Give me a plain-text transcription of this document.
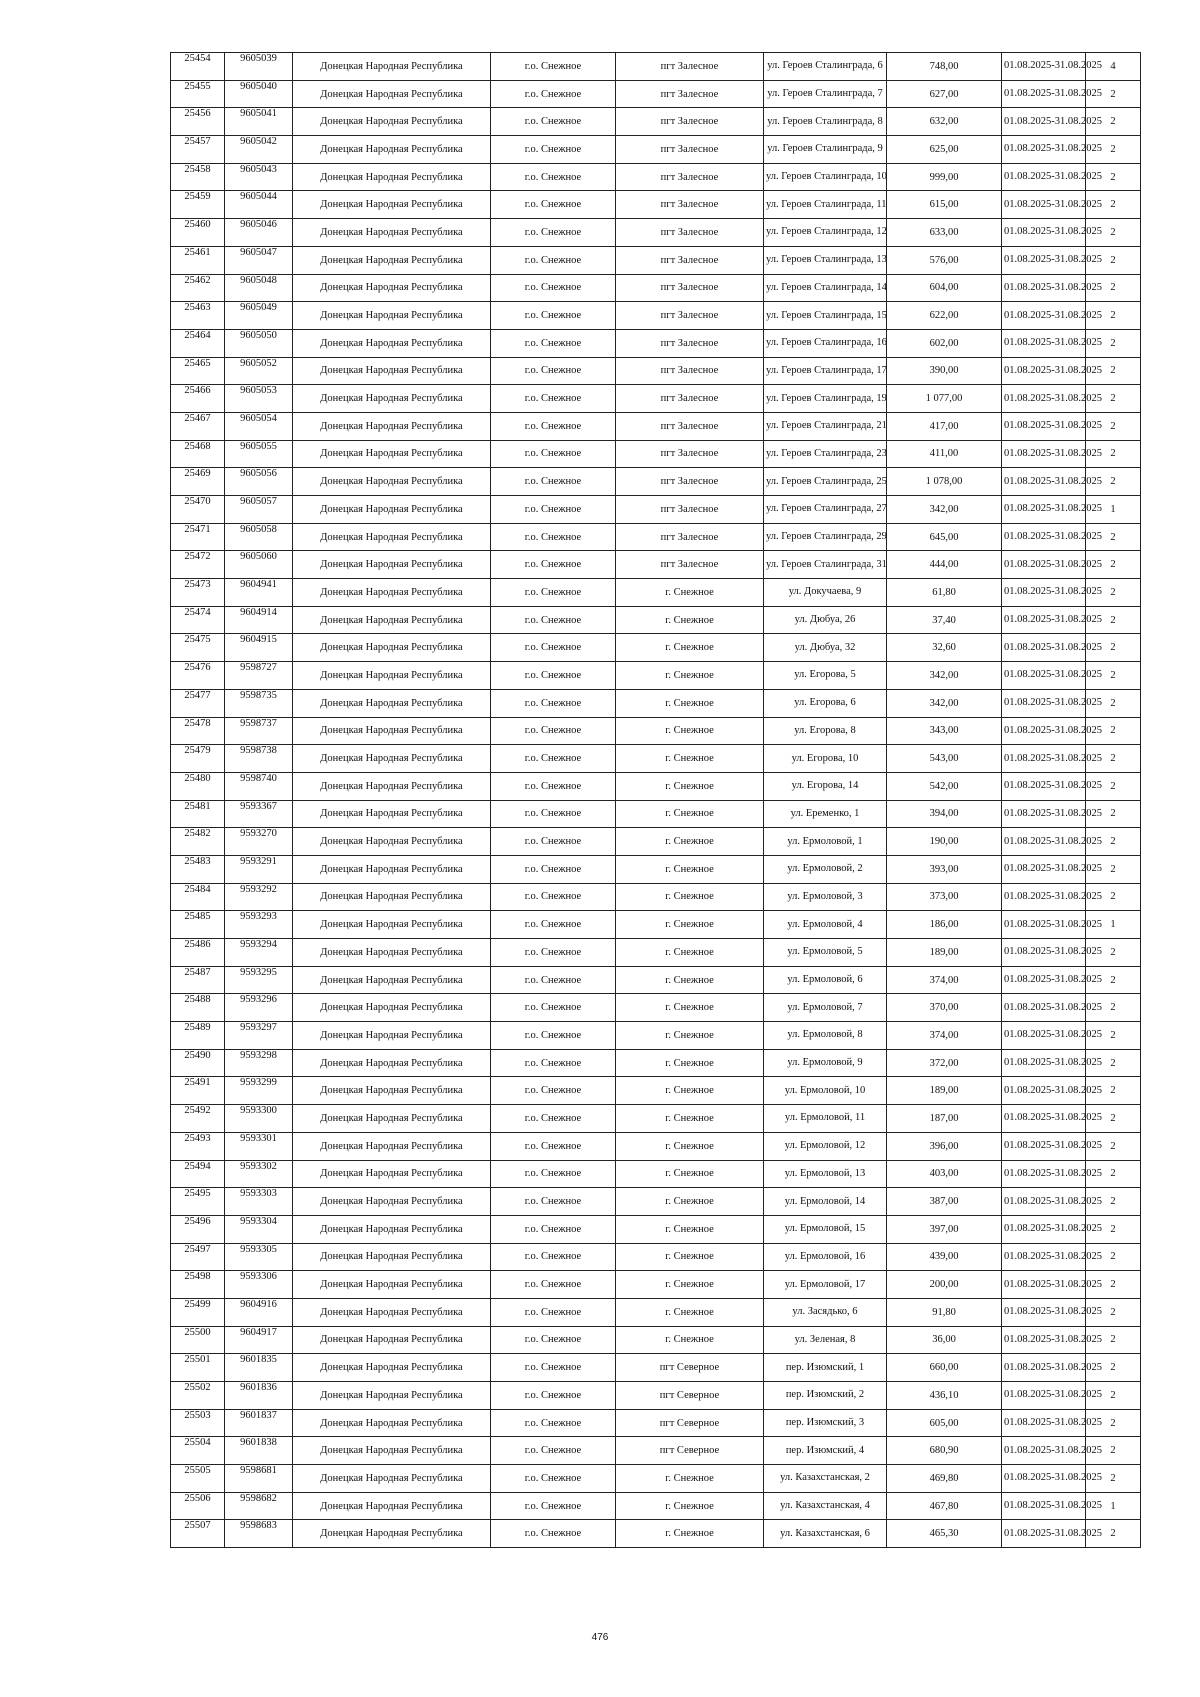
25454	9605039	Донецкая Народная Республика	г.о. Снежное	пгт Залесное	ул. Героев Сталинграда, 6	748,00	01.08.2025-31.08.2025	4
25455	9605040	Донецкая Народная Республика	г.о. Снежное	пгт Залесное	ул. Героев Сталинграда, 7	627,00	01.08.2025-31.08.2025	2
25456	9605041	Донецкая Народная Республика	г.о. Снежное	пгт Залесное	ул. Героев Сталинграда, 8	632,00	01.08.2025-31.08.2025	2
25457	9605042	Донецкая Народная Республика	г.о. Снежное	пгт Залесное	ул. Героев Сталинграда, 9	625,00	01.08.2025-31.08.2025	2
25458	9605043	Донецкая Народная Республика	г.о. Снежное	пгт Залесное	ул. Героев Сталинграда, 10	999,00	01.08.2025-31.08.2025	2
25459	9605044	Донецкая Народная Республика	г.о. Снежное	пгт Залесное	ул. Героев Сталинграда, 11	615,00	01.08.2025-31.08.2025	2
25460	9605046	Донецкая Народная Республика	г.о. Снежное	пгт Залесное	ул. Героев Сталинграда, 12	633,00	01.08.2025-31.08.2025	2
25461	9605047	Донецкая Народная Республика	г.о. Снежное	пгт Залесное	ул. Героев Сталинграда, 13	576,00	01.08.2025-31.08.2025	2
25462	9605048	Донецкая Народная Республика	г.о. Снежное	пгт Залесное	ул. Героев Сталинграда, 14	604,00	01.08.2025-31.08.2025	2
25463	9605049	Донецкая Народная Республика	г.о. Снежное	пгт Залесное	ул. Героев Сталинграда, 15	622,00	01.08.2025-31.08.2025	2
25464	9605050	Донецкая Народная Республика	г.о. Снежное	пгт Залесное	ул. Героев Сталинграда, 16	602,00	01.08.2025-31.08.2025	2
25465	9605052	Донецкая Народная Республика	г.о. Снежное	пгт Залесное	ул. Героев Сталинграда, 17	390,00	01.08.2025-31.08.2025	2
25466	9605053	Донецкая Народная Республика	г.о. Снежное	пгт Залесное	ул. Героев Сталинграда, 19	1 077,00	01.08.2025-31.08.2025	2
25467	9605054	Донецкая Народная Республика	г.о. Снежное	пгт Залесное	ул. Героев Сталинграда, 21	417,00	01.08.2025-31.08.2025	2
25468	9605055	Донецкая Народная Республика	г.о. Снежное	пгт Залесное	ул. Героев Сталинграда, 23	411,00	01.08.2025-31.08.2025	2
25469	9605056	Донецкая Народная Республика	г.о. Снежное	пгт Залесное	ул. Героев Сталинграда, 25	1 078,00	01.08.2025-31.08.2025	2
25470	9605057	Донецкая Народная Республика	г.о. Снежное	пгт Залесное	ул. Героев Сталинграда, 27	342,00	01.08.2025-31.08.2025	1
25471	9605058	Донецкая Народная Республика	г.о. Снежное	пгт Залесное	ул. Героев Сталинграда, 29	645,00	01.08.2025-31.08.2025	2
25472	9605060	Донецкая Народная Республика	г.о. Снежное	пгт Залесное	ул. Героев Сталинграда, 31	444,00	01.08.2025-31.08.2025	2
25473	9604941	Донецкая Народная Республика	г.о. Снежное	г. Снежное	ул. Докучаева, 9	61,80	01.08.2025-31.08.2025	2
25474	9604914	Донецкая Народная Республика	г.о. Снежное	г. Снежное	ул. Дюбуа, 26	37,40	01.08.2025-31.08.2025	2
25475	9604915	Донецкая Народная Республика	г.о. Снежное	г. Снежное	ул. Дюбуа, 32	32,60	01.08.2025-31.08.2025	2
25476	9598727	Донецкая Народная Республика	г.о. Снежное	г. Снежное	ул. Егорова, 5	342,00	01.08.2025-31.08.2025	2
25477	9598735	Донецкая Народная Республика	г.о. Снежное	г. Снежное	ул. Егорова, 6	342,00	01.08.2025-31.08.2025	2
25478	9598737	Донецкая Народная Республика	г.о. Снежное	г. Снежное	ул. Егорова, 8	343,00	01.08.2025-31.08.2025	2
25479	9598738	Донецкая Народная Республика	г.о. Снежное	г. Снежное	ул. Егорова, 10	543,00	01.08.2025-31.08.2025	2
25480	9598740	Донецкая Народная Республика	г.о. Снежное	г. Снежное	ул. Егорова, 14	542,00	01.08.2025-31.08.2025	2
25481	9593367	Донецкая Народная Республика	г.о. Снежное	г. Снежное	ул. Еременко, 1	394,00	01.08.2025-31.08.2025	2
25482	9593270	Донецкая Народная Республика	г.о. Снежное	г. Снежное	ул. Ермоловой, 1	190,00	01.08.2025-31.08.2025	2
25483	9593291	Донецкая Народная Республика	г.о. Снежное	г. Снежное	ул. Ермоловой, 2	393,00	01.08.2025-31.08.2025	2
25484	9593292	Донецкая Народная Республика	г.о. Снежное	г. Снежное	ул. Ермоловой, 3	373,00	01.08.2025-31.08.2025	2
25485	9593293	Донецкая Народная Республика	г.о. Снежное	г. Снежное	ул. Ермоловой, 4	186,00	01.08.2025-31.08.2025	1
25486	9593294	Донецкая Народная Республика	г.о. Снежное	г. Снежное	ул. Ермоловой, 5	189,00	01.08.2025-31.08.2025	2
25487	9593295	Донецкая Народная Республика	г.о. Снежное	г. Снежное	ул. Ермоловой, 6	374,00	01.08.2025-31.08.2025	2
25488	9593296	Донецкая Народная Республика	г.о. Снежное	г. Снежное	ул. Ермоловой, 7	370,00	01.08.2025-31.08.2025	2
25489	9593297	Донецкая Народная Республика	г.о. Снежное	г. Снежное	ул. Ермоловой, 8	374,00	01.08.2025-31.08.2025	2
25490	9593298	Донецкая Народная Республика	г.о. Снежное	г. Снежное	ул. Ермоловой, 9	372,00	01.08.2025-31.08.2025	2
25491	9593299	Донецкая Народная Республика	г.о. Снежное	г. Снежное	ул. Ермоловой, 10	189,00	01.08.2025-31.08.2025	2
25492	9593300	Донецкая Народная Республика	г.о. Снежное	г. Снежное	ул. Ермоловой, 11	187,00	01.08.2025-31.08.2025	2
25493	9593301	Донецкая Народная Республика	г.о. Снежное	г. Снежное	ул. Ермоловой, 12	396,00	01.08.2025-31.08.2025	2
25494	9593302	Донецкая Народная Республика	г.о. Снежное	г. Снежное	ул. Ермоловой, 13	403,00	01.08.2025-31.08.2025	2
25495	9593303	Донецкая Народная Республика	г.о. Снежное	г. Снежное	ул. Ермоловой, 14	387,00	01.08.2025-31.08.2025	2
25496	9593304	Донецкая Народная Республика	г.о. Снежное	г. Снежное	ул. Ермоловой, 15	397,00	01.08.2025-31.08.2025	2
25497	9593305	Донецкая Народная Республика	г.о. Снежное	г. Снежное	ул. Ермоловой, 16	439,00	01.08.2025-31.08.2025	2
25498	9593306	Донецкая Народная Республика	г.о. Снежное	г. Снежное	ул. Ермоловой, 17	200,00	01.08.2025-31.08.2025	2
25499	9604916	Донецкая Народная Республика	г.о. Снежное	г. Снежное	ул. Засядько, 6	91,80	01.08.2025-31.08.2025	2
25500	9604917	Донецкая Народная Республика	г.о. Снежное	г. Снежное	ул. Зеленая, 8	36,00	01.08.2025-31.08.2025	2
25501	9601835	Донецкая Народная Республика	г.о. Снежное	пгт Северное	пер. Изюмский, 1	660,00	01.08.2025-31.08.2025	2
25502	9601836	Донецкая Народная Республика	г.о. Снежное	пгт Северное	пер. Изюмский, 2	436,10	01.08.2025-31.08.2025	2
25503	9601837	Донецкая Народная Республика	г.о. Снежное	пгт Северное	пер. Изюмский, 3	605,00	01.08.2025-31.08.2025	2
25504	9601838	Донецкая Народная Республика	г.о. Снежное	пгт Северное	пер. Изюмский, 4	680,90	01.08.2025-31.08.2025	2
25505	9598681	Донецкая Народная Республика	г.о. Снежное	г. Снежное	ул. Казахстанская, 2	469,80	01.08.2025-31.08.2025	2
25506	9598682	Донецкая Народная Республика	г.о. Снежное	г. Снежное	ул. Казахстанская, 4	467,80	01.08.2025-31.08.2025	1
25507	9598683	Донецкая Народная Республика	г.о. Снежное	г. Снежное	ул. Казахстанская, 6	465,30	01.08.2025-31.08.2025	2
476
